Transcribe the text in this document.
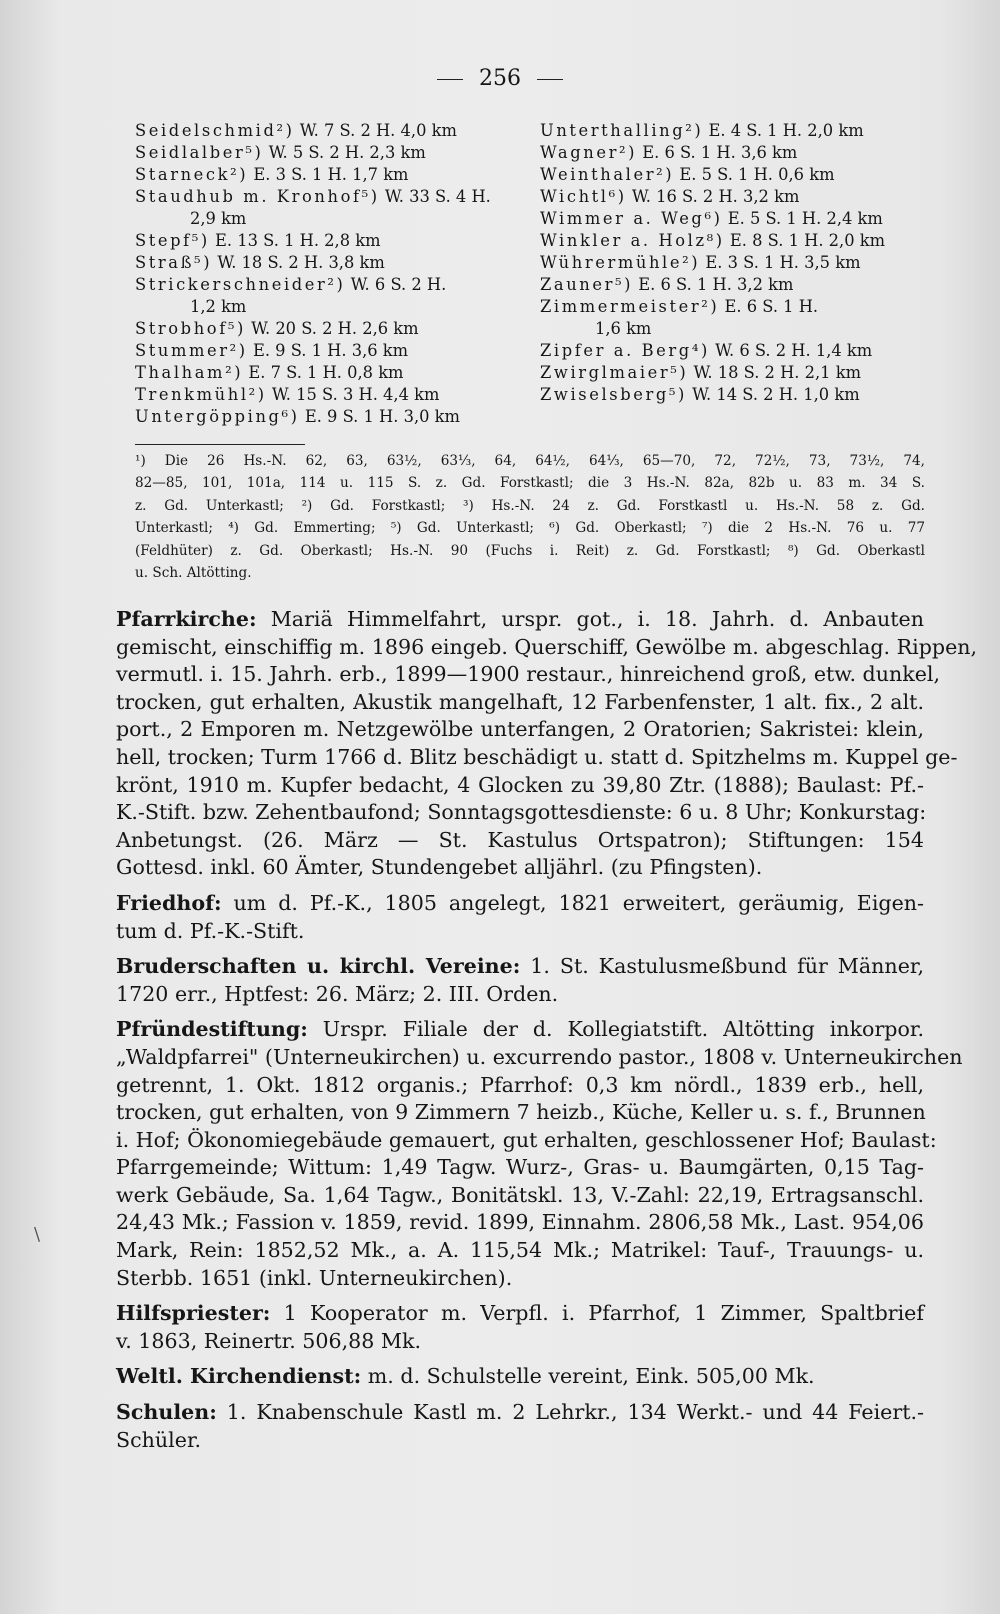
256
Seidelschmid²) W. 7 S. 2 H. 4,0 km
Seidlalber⁵) W. 5 S. 2 H. 2,3 km
Starneck²) E. 3 S. 1 H. 1,7 km
Staudhub m. Kronhof⁵) W. 33 S. 4 H.
2,9 km
Stepf⁵) E. 13 S. 1 H. 2,8 km
Straß⁵) W. 18 S. 2 H. 3,8 km
Strickerschneider²) W. 6 S. 2 H.
1,2 km
Strobhof⁵) W. 20 S. 2 H. 2,6 km
Stummer²) E. 9 S. 1 H. 3,6 km
Thalham²) E. 7 S. 1 H. 0,8 km
Trenkmühl²) W. 15 S. 3 H. 4,4 km
Untergöpping⁶) E. 9 S. 1 H. 3,0 km
Unterthalling²) E. 4 S. 1 H. 2,0 km
Wagner²) E. 6 S. 1 H. 3,6 km
Weinthaler²) E. 5 S. 1 H. 0,6 km
Wichtl⁶) W. 16 S. 2 H. 3,2 km
Wimmer a. Weg⁶) E. 5 S. 1 H. 2,4 km
Winkler a. Holz⁸) E. 8 S. 1 H. 2,0 km
Wührermühle²) E. 3 S. 1 H. 3,5 km
Zauner⁵) E. 6 S. 1 H. 3,2 km
Zimmermeister²) E. 6 S. 1 H.
1,6 km
Zipfer a. Berg⁴) W. 6 S. 2 H. 1,4 km
Zwirglmaier⁵) W. 18 S. 2 H. 2,1 km
Zwiselsberg⁵) W. 14 S. 2 H. 1,0 km
¹) Die 26 Hs.-N. 62, 63, 63½, 63⅓, 64, 64½, 64⅓, 65—70, 72, 72½, 73, 73½, 74,
82—85, 101, 101a, 114 u. 115 S. z. Gd. Forstkastl; die 3 Hs.-N. 82a, 82b u. 83 m. 34 S.
z. Gd. Unterkastl; ²) Gd. Forstkastl; ³) Hs.-N. 24 z. Gd. Forstkastl u. Hs.-N. 58 z. Gd.
Unterkastl; ⁴) Gd. Emmerting; ⁵) Gd. Unterkastl; ⁶) Gd. Oberkastl; ⁷) die 2 Hs.-N. 76 u. 77
(Feldhüter) z. Gd. Oberkastl; Hs.-N. 90 (Fuchs i. Reit) z. Gd. Forstkastl; ⁸) Gd. Oberkastl
u. Sch. Altötting.
Pfarrkirche: Mariä Himmelfahrt, urspr. got., i. 18. Jahrh. d. Anbauten
gemischt, einschiffig m. 1896 eingeb. Querschiff, Gewölbe m. abgeschlag. Rippen,
vermutl. i. 15. Jahrh. erb., 1899—1900 restaur., hinreichend groß, etw. dunkel,
trocken, gut erhalten, Akustik mangelhaft, 12 Farbenfenster, 1 alt. fix., 2 alt.
port., 2 Emporen m. Netzgewölbe unterfangen, 2 Oratorien; Sakristei: klein,
hell, trocken; Turm 1766 d. Blitz beschädigt u. statt d. Spitzhelms m. Kuppel ge-
krönt, 1910 m. Kupfer bedacht, 4 Glocken zu 39,80 Ztr. (1888); Baulast: Pf.-
K.-Stift. bzw. Zehentbaufond; Sonntagsgottesdienste: 6 u. 8 Uhr; Konkurstag:
Anbetungst. (26. März — St. Kastulus Ortspatron); Stiftungen: 154
Gottesd. inkl. 60 Ämter, Stundengebet alljährl. (zu Pfingsten).
Friedhof: um d. Pf.-K., 1805 angelegt, 1821 erweitert, geräumig, Eigen-
tum d. Pf.-K.-Stift.
Bruderschaften u. kirchl. Vereine: 1. St. Kastulusmeßbund für Männer,
1720 err., Hptfest: 26. März; 2. III. Orden.
Pfründestiftung: Urspr. Filiale der d. Kollegiatstift. Altötting inkorpor.
„Waldpfarrei" (Unterneukirchen) u. excurrendo pastor., 1808 v. Unterneukirchen
getrennt, 1. Okt. 1812 organis.; Pfarrhof: 0,3 km nördl., 1839 erb., hell,
trocken, gut erhalten, von 9 Zimmern 7 heizb., Küche, Keller u. s. f., Brunnen
i. Hof; Ökonomiegebäude gemauert, gut erhalten, geschlossener Hof; Baulast:
Pfarrgemeinde; Wittum: 1,49 Tagw. Wurz-, Gras- u. Baumgärten, 0,15 Tag-
werk Gebäude, Sa. 1,64 Tagw., Bonitätskl. 13, V.-Zahl: 22,19, Ertragsanschl.
24,43 Mk.; Fassion v. 1859, revid. 1899, Einnahm. 2806,58 Mk., Last. 954,06
Mark, Rein: 1852,52 Mk., a. A. 115,54 Mk.; Matrikel: Tauf-, Trauungs- u.
Sterbb. 1651 (inkl. Unterneukirchen).
Hilfspriester: 1 Kooperator m. Verpfl. i. Pfarrhof, 1 Zimmer, Spaltbrief
v. 1863, Reinertr. 506,88 Mk.
Weltl. Kirchendienst: m. d. Schulstelle vereint, Eink. 505,00 Mk.
Schulen: 1. Knabenschule Kastl m. 2 Lehrkr., 134 Werkt.- und 44 Feiert.-
Schüler.
\
